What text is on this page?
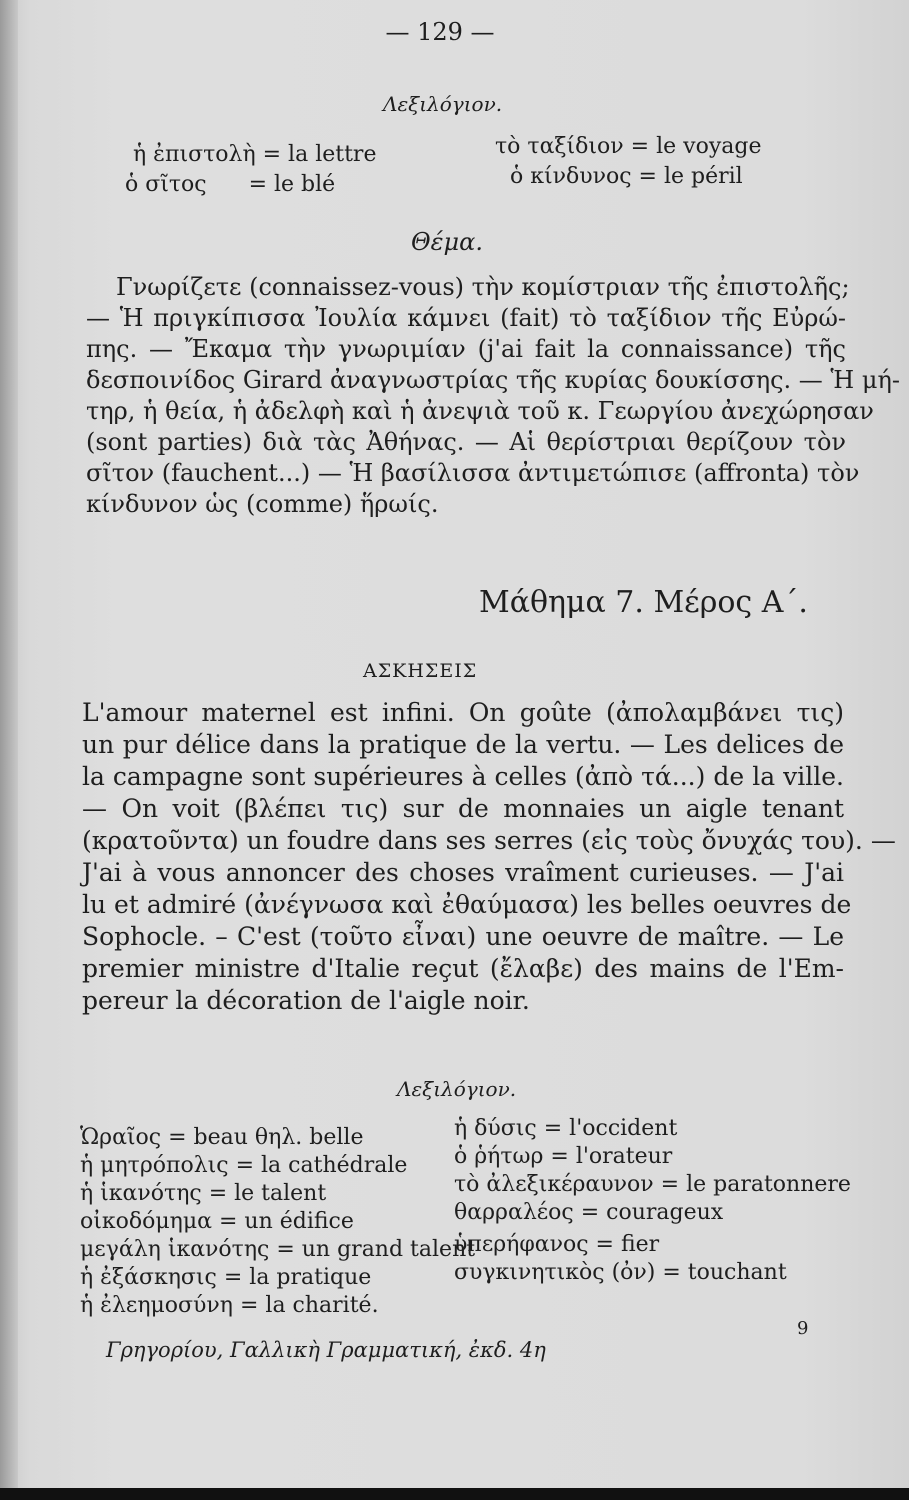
— 129 —
Λεξιλόγιον.
ἡ ἐπιστολὴ = la lettre
ὁ σῖτος      = le blé
τὸ ταξίδιον = le voyage
ὁ κίνδυνος = le péril
Θέμα.
Γνωρίζετε (connaissez-vous) τὴν κομίστριαν τῆς ἐπιστολῆς;
— Ἡ πριγκίπισσα Ἰουλία κάμνει (fait) τὸ ταξίδιον τῆς Εὐρώ-
πης. — Ἔκαμα τὴν γνωριμίαν (j'ai fait la connaissance) τῆς
δεσποινίδος Girard ἀναγνωστρίας τῆς κυρίας δουκίσσης. — Ἡ μή-
τηρ, ἡ θεία, ἡ ἀδελφὴ καὶ ἡ ἀνεψιὰ τοῦ κ. Γεωργίου ἀνεχώρησαν
(sont parties) διὰ τὰς Ἀθήνας. — Αἱ θερίστριαι θερίζουν τὸν
σῖτον (fauchent...) — Ἡ βασίλισσα ἀντιμετώπισε (affronta) τὸν
κίνδυνον ὡς (comme) ἥρωίς.
Μάθημα 7. Μέρος Α΄.
ΑΣΚΗΣΕΙΣ
L'amour maternel est infini. On goûte (ἀπολαμβάνει τις)
un pur délice dans la pratique de la vertu. — Les delices de
la campagne sont supérieures à celles (ἀπὸ τά...) de la ville.
— On voit (βλέπει τις) sur de monnaies un aigle tenant
(κρατοῦντα) un foudre dans ses serres (εἰς τοὺς ὄνυχάς του). —
J'ai à vous annoncer des choses vraîment curieuses. — J'ai
lu et admiré (ἀνέγνωσα καὶ ἐθαύμασα) les belles oeuvres de
Sophocle. – C'est (τοῦτο εἶναι) une oeuvre de maître. — Le
premier ministre d'Italie reçut (ἔλαβε) des mains de l'Em-
pereur la décoration de l'aigle noir.
Λεξιλόγιον.
Ὡραῖος = beau θηλ. belle
ἡ μητρόπολις = la cathédrale
ἡ ἱκανότης = le talent
οἰκοδόμημα = un édifice
μεγάλη ἱκανότης = un grand talent
ἡ ἐξάσκησις = la pratique
ἡ ἐλεημοσύνη = la charité.
ἡ δύσις = l'occident
ὁ ῥήτωρ = l'orateur
τὸ ἀλεξικέραυνον = le paratonnere
θαρραλέος = courageux
ὑπερήφανος = fier
συγκινητικὸς (ὀν) = touchant
Γρηγορίου, Γαλλικὴ Γραμματική, ἐκδ. 4η
9
